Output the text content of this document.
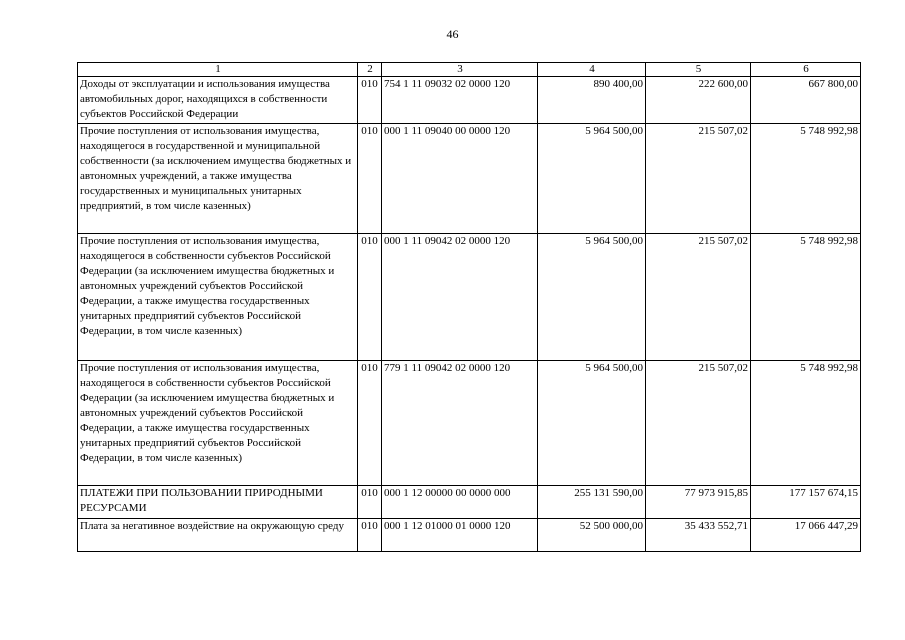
46
1	2	3	4	5	6
Доходы от эксплуатации и использования имущества автомобильных дорог, находящихся в собственности субъектов Российской Федерации	010	754 1 11 09032 02 0000 120	890 400,00	222 600,00	667 800,00

Прочие поступления от использования имущества, находящегося в государственной и муниципальной собственности (за исключением имущества бюджетных и автономных учреждений, а также имущества государственных и муниципальных унитарных предприятий, в том числе казенных)	010	000 1 11 09040 00 0000 120	5 964 500,00	215 507,02	5 748 992,98

Прочие поступления от использования имущества, находящегося в собственности субъектов Российской Федерации (за исключением имущества бюджетных и автономных учреждений субъектов Российской Федерации, а также имущества государственных унитарных предприятий субъектов Российской Федерации, в том числе казенных)	010	000 1 11 09042 02 0000 120	5 964 500,00	215 507,02	5 748 992,98

Прочие поступления от использования имущества, находящегося в собственности субъектов Российской Федерации (за исключением имущества бюджетных и автономных учреждений субъектов Российской Федерации, а также имущества государственных унитарных предприятий субъектов Российской Федерации, в том числе казенных)	010	779 1 11 09042 02 0000 120	5 964 500,00	215 507,02	5 748 992,98
ПЛАТЕЖИ ПРИ ПОЛЬЗОВАНИИ ПРИРОДНЫМИ РЕСУРСАМИ	010	000 1 12 00000 00 0000 000	255 131 590,00	77 973 915,85	177 157 674,15
Плата за негативное воздействие на окружающую среду	010	000 1 12 01000 01 0000 120	52 500 000,00	35 433 552,71	17 066 447,29
